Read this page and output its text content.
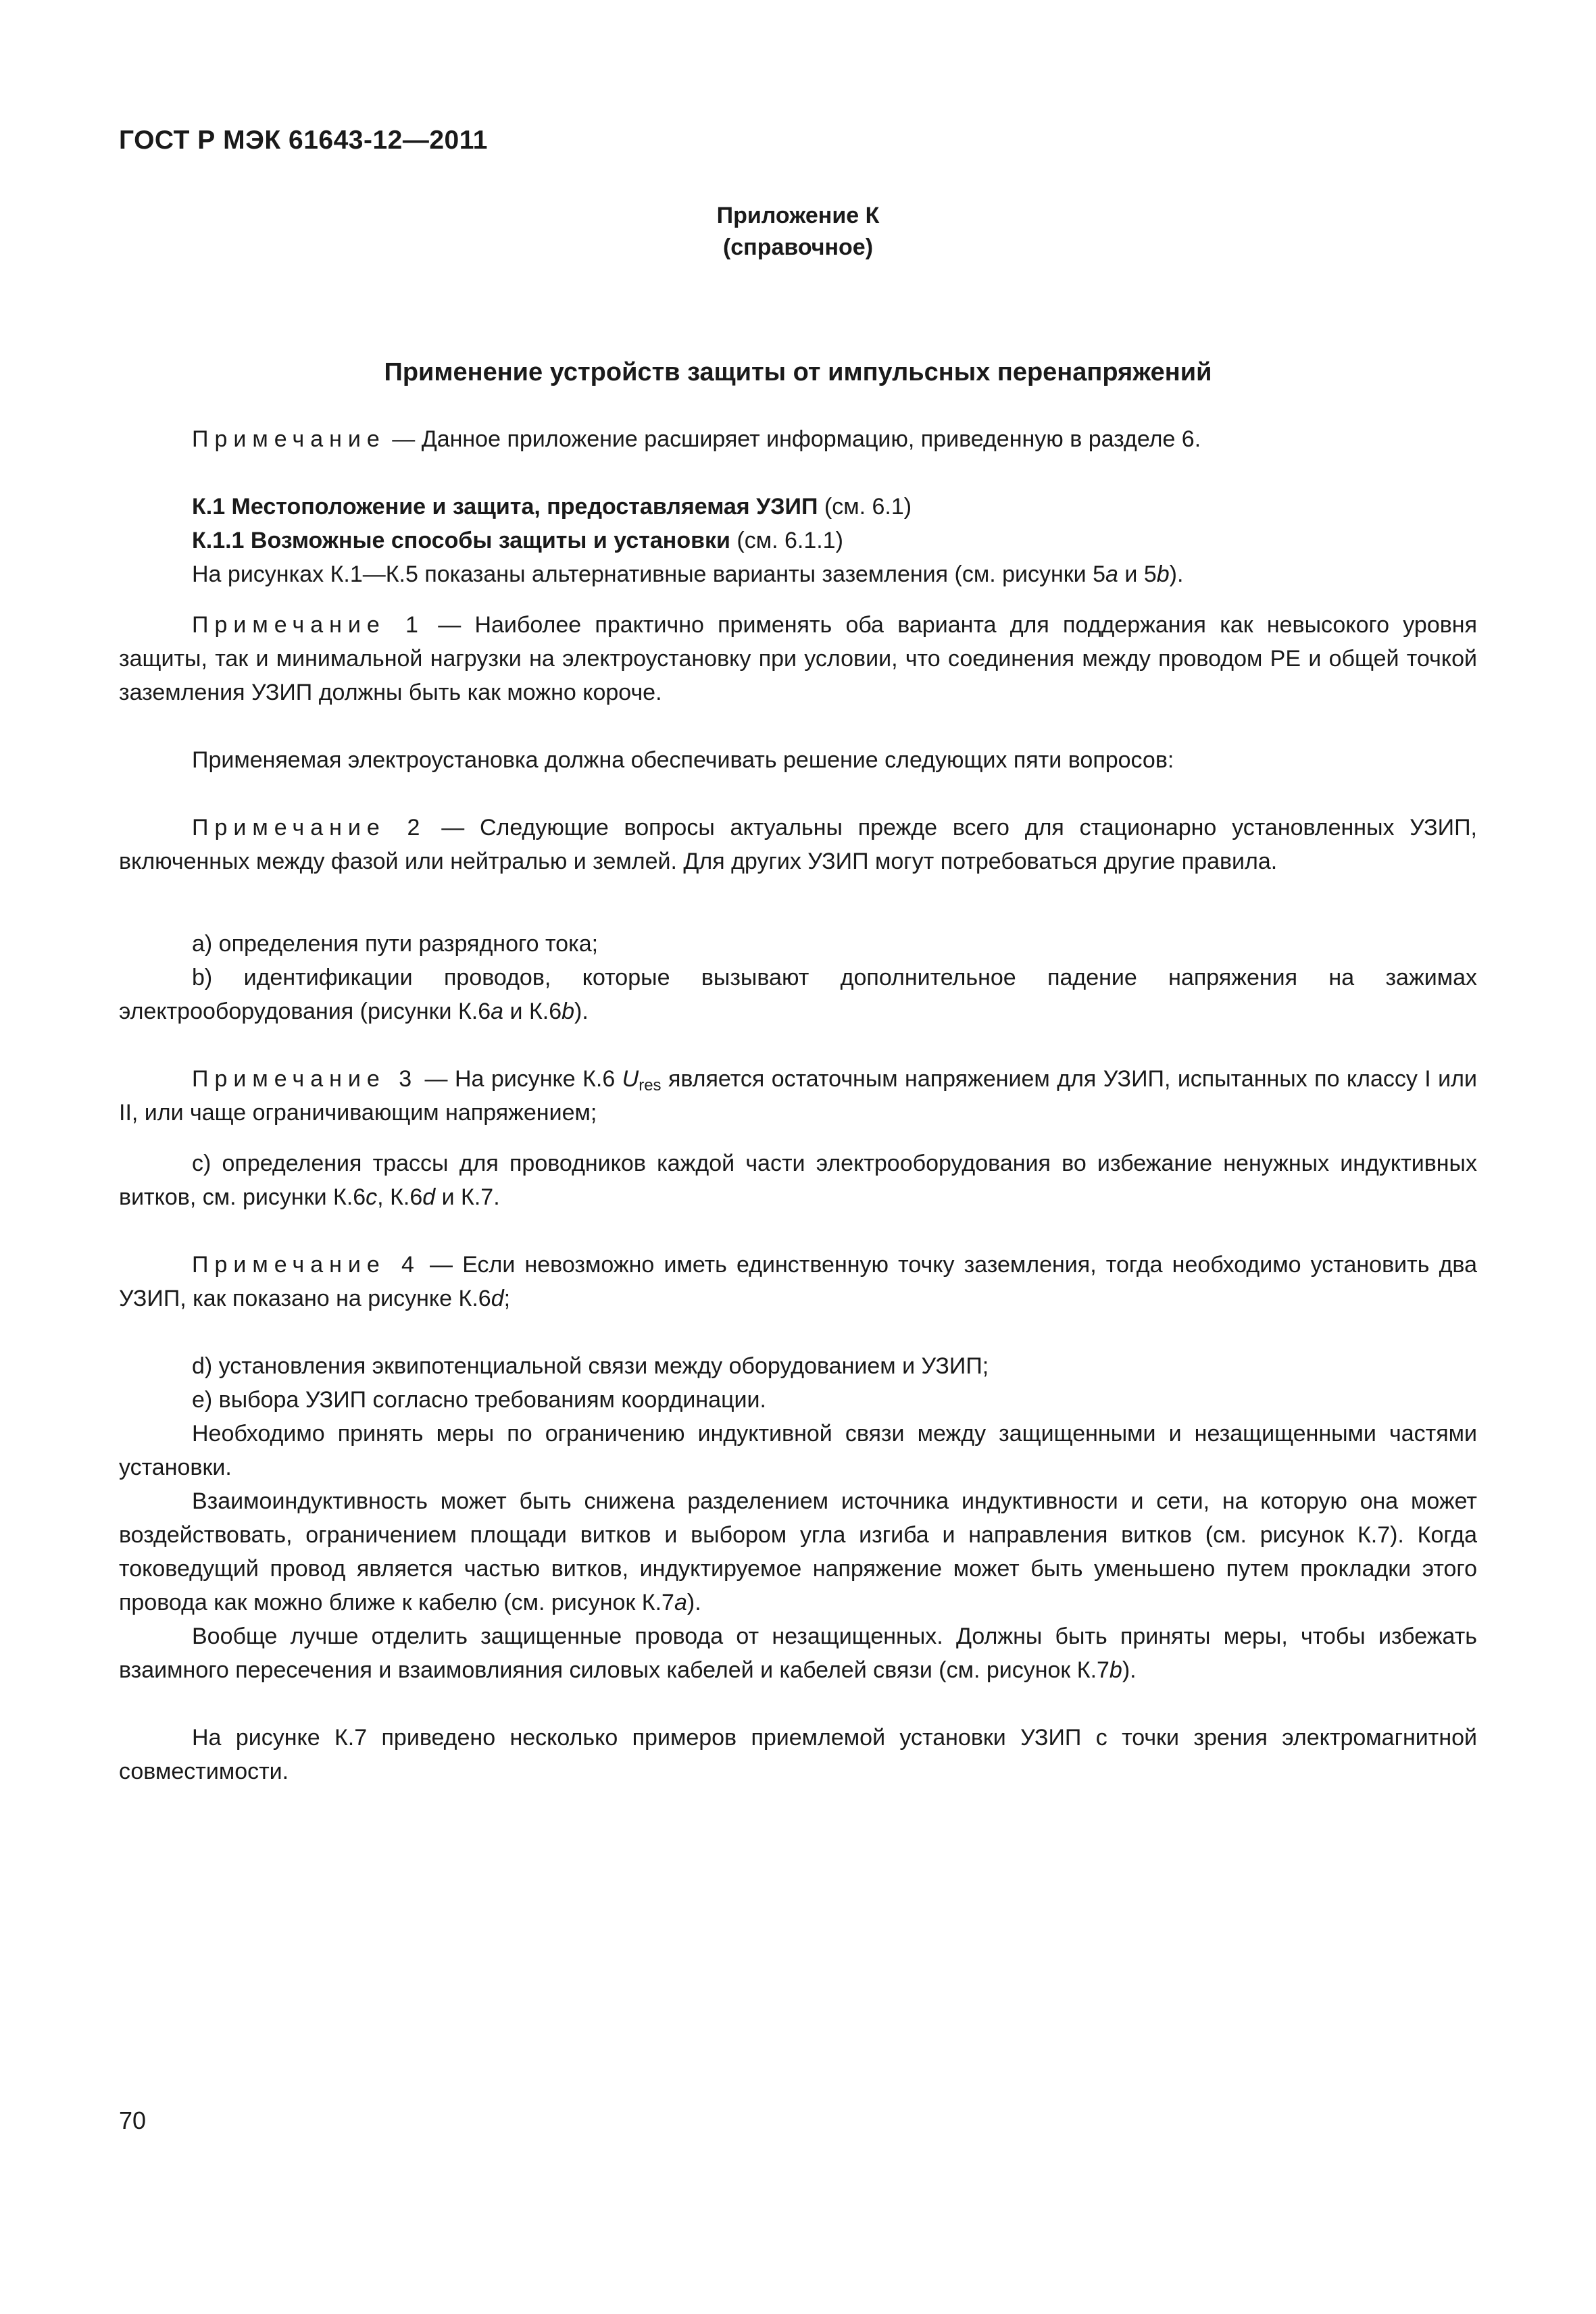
ГОСТ Р МЭК 61643-12—2011
Приложение К
(справочное)
Применение устройств защиты от импульсных перенапряжений

Примечание — Данное приложение расширяет информацию, приведенную в разделе 6.

К.1 Местоположение и защита, предоставляемая УЗИП (см. 6.1)

К.1.1 Возможные способы защиты и установки (см. 6.1.1)

На рисунках К.1—К.5 показаны альтернативные варианты заземления (см. рисунки 5a и 5b).

Примечание 1 — Наиболее практично применять оба варианта для поддержания как невысокого уровня защиты, так и минимальной нагрузки на электроустановку при условии, что соединения между проводом PE и общей точкой заземления УЗИП должны быть как можно короче.

Применяемая электроустановка должна обеспечивать решение следующих пяти вопросов:

Примечание 2 — Следующие вопросы актуальны прежде всего для стационарно установленных УЗИП, включенных между фазой или нейтралью и землей. Для других УЗИП могут потребоваться другие правила.

a) определения пути разрядного тока;

b) идентификации проводов, которые вызывают дополнительное падение напряжения на зажимах электрооборудования (рисунки К.6a и К.6b).

Примечание 3 — На рисунке К.6 $U_{res}$ является остаточным напряжением для УЗИП, испытанных по классу I или II, или чаще ограничивающим напряжением;

c) определения трассы для проводников каждой части электрооборудования во избежание ненужных индуктивных витков, см. рисунки К.6c, К.6d и К.7.

Примечание 4 — Если невозможно иметь единственную точку заземления, тогда необходимо установить два УЗИП, как показано на рисунке К.6d;

d) установления эквипотенциальной связи между оборудованием и УЗИП;

e) выбора УЗИП согласно требованиям координации.

Необходимо принять меры по ограничению индуктивной связи между защищенными и незащищенными частями установки.

Взаимоиндуктивность может быть снижена разделением источника индуктивности и сети, на которую она может воздействовать, ограничением площади витков и выбором угла изгиба и направления витков (см. рисунок К.7). Когда токоведущий провод является частью витков, индуктируемое напряжение может быть уменьшено путем прокладки этого провода как можно ближе к кабелю (см. рисунок К.7a).

Вообще лучше отделить защищенные провода от незащищенных. Должны быть приняты меры, чтобы избежать взаимного пересечения и взаимовлияния силовых кабелей и кабелей связи (см. рисунок К.7b).

На рисунке К.7 приведено несколько примеров приемлемой установки УЗИП с точки зрения электромагнитной совместимости.

70
